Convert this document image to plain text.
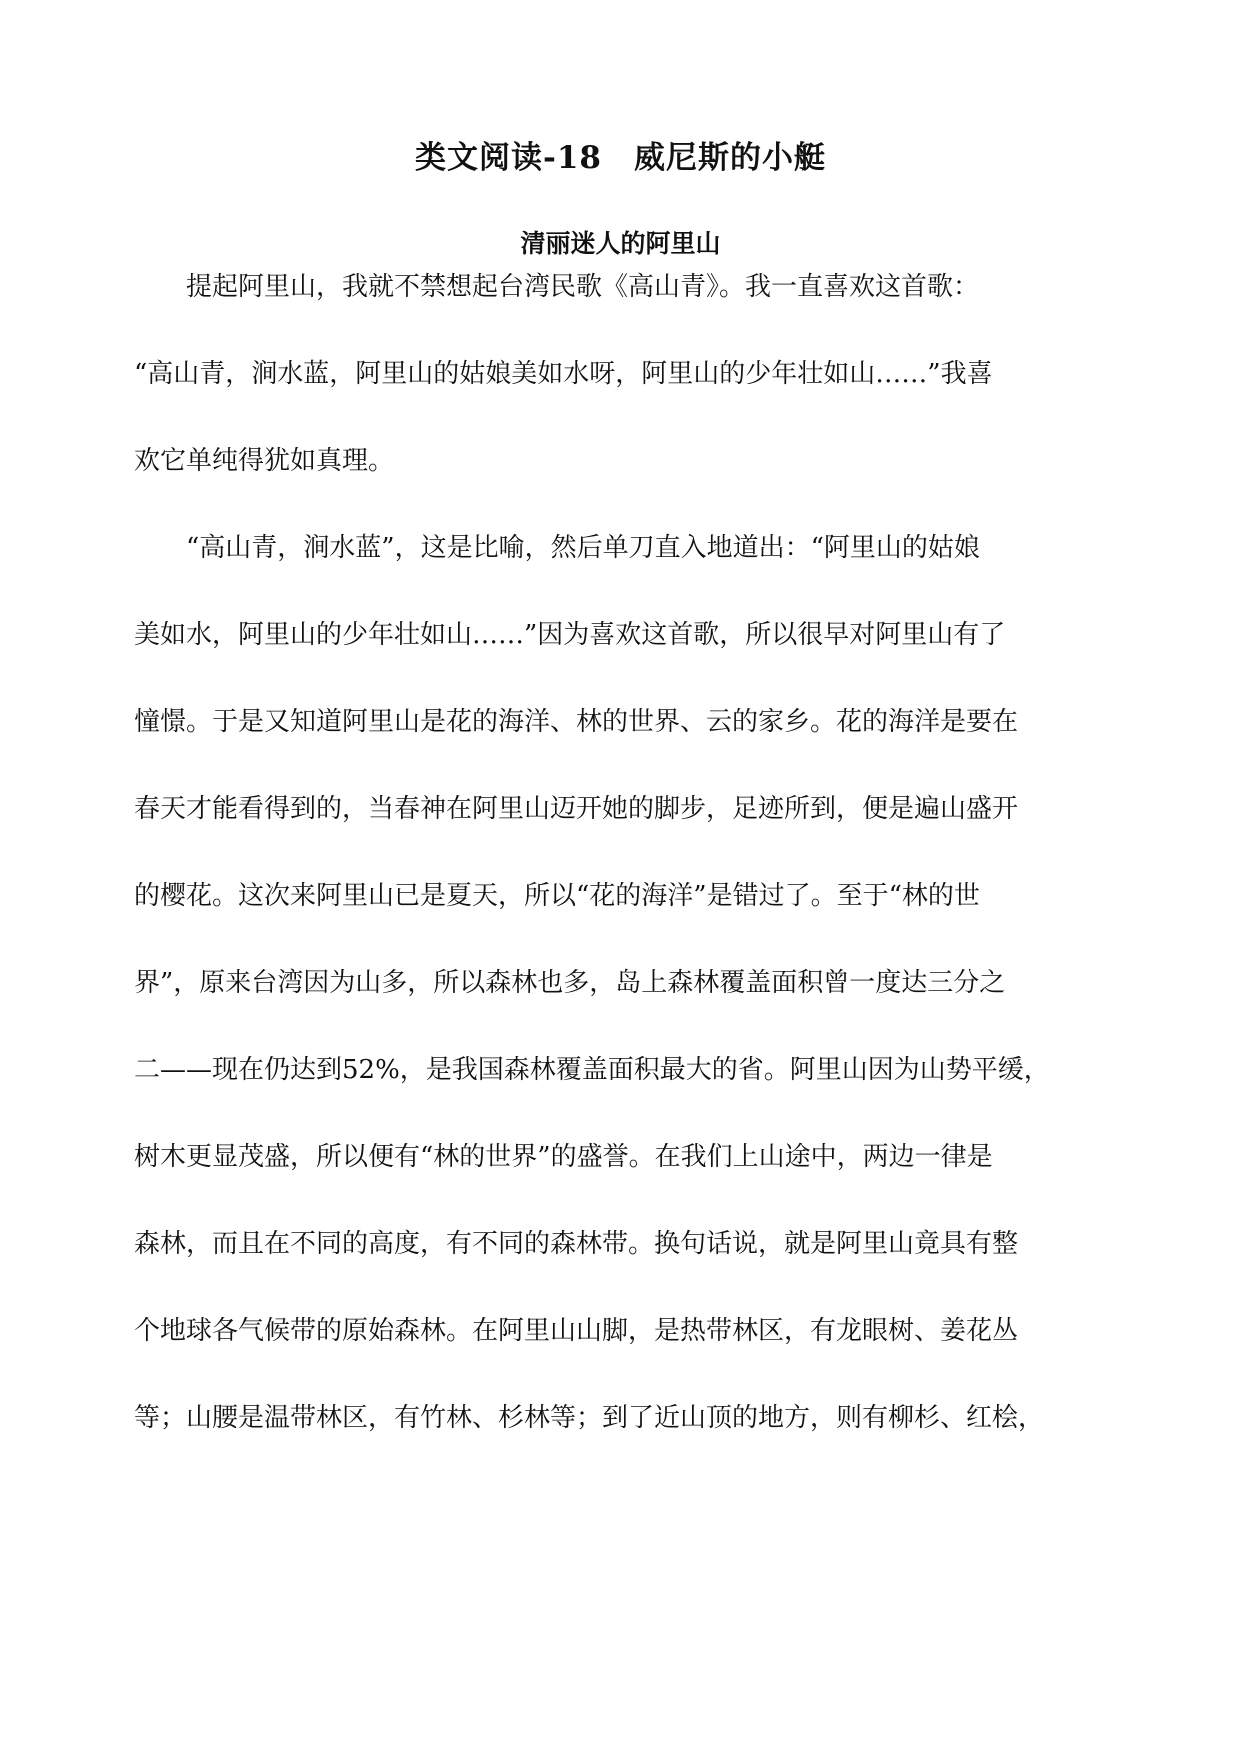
类文阅读-18　威尼斯的小艇
清丽迷人的阿里山

　　提起阿里山，我就不禁想起台湾民歌《高山青》。我一直喜欢这首歌：

“高山青，涧水蓝，阿里山的姑娘美如水呀，阿里山的少年壮如山……”我喜

欢它单纯得犹如真理。

　　“高山青，涧水蓝”，这是比喻，然后单刀直入地道出：“阿里山的姑娘

美如水，阿里山的少年壮如山……”因为喜欢这首歌，所以很早对阿里山有了

憧憬。于是又知道阿里山是花的海洋、林的世界、云的家乡。花的海洋是要在

春天才能看得到的，当春神在阿里山迈开她的脚步，足迹所到，便是遍山盛开

的樱花。这次来阿里山已是夏天，所以“花的海洋”是错过了。至于“林的世

界”，原来台湾因为山多，所以森林也多，岛上森林覆盖面积曾一度达三分之

二——现在仍达到52%，是我国森林覆盖面积最大的省。阿里山因为山势平缓，

树木更显茂盛，所以便有“林的世界”的盛誉。在我们上山途中，两边一律是

森林，而且在不同的高度，有不同的森林带。换句话说，就是阿里山竟具有整

个地球各气候带的原始森林。在阿里山山脚，是热带林区，有龙眼树、姜花丛

等；山腰是温带林区，有竹林、杉林等；到了近山顶的地方，则有柳杉、红桧，
